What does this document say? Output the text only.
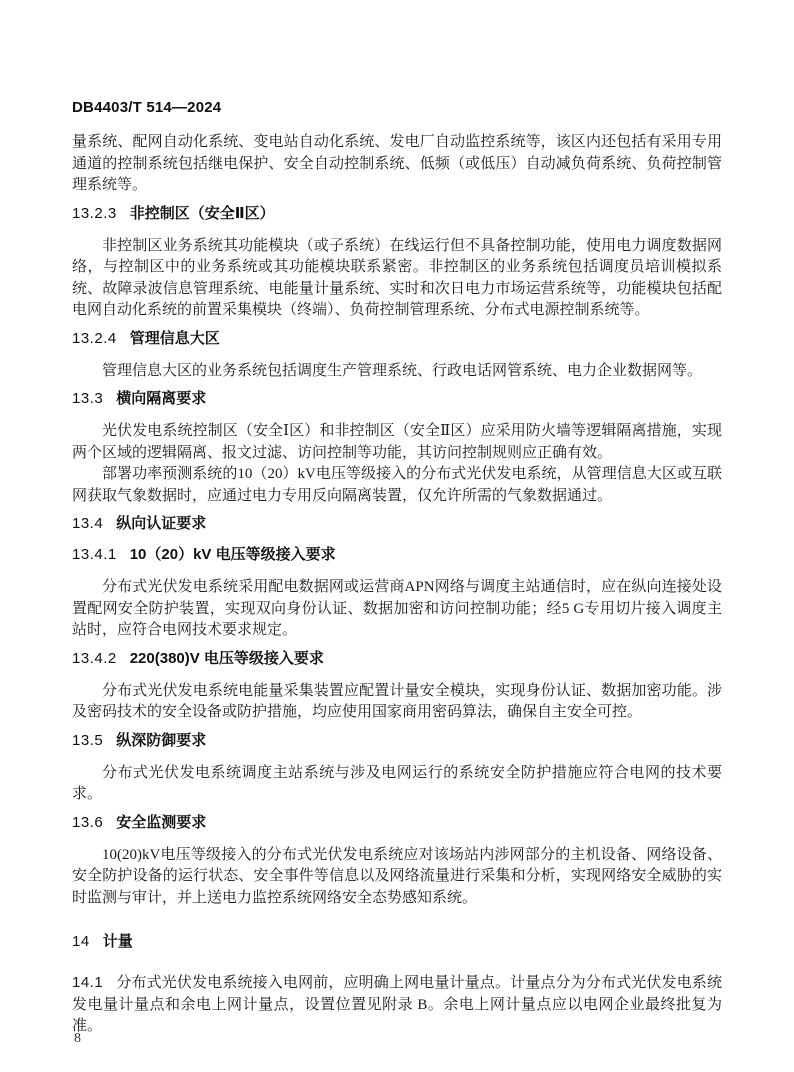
DB4403/T 514—2024

量系统、配网自动化系统、变电站自动化系统、发电厂自动监控系统等，该区内还包括有采用专用通道的控制系统包括继电保护、安全自动控制系统、低频（或低压）自动减负荷系统、负荷控制管理系统等。

13.2.3 非控制区（安全Ⅱ区）

非控制区业务系统其功能模块（或子系统）在线运行但不具备控制功能，使用电力调度数据网络，与控制区中的业务系统或其功能模块联系紧密。非控制区的业务系统包括调度员培训模拟系统、故障录波信息管理系统、电能量计量系统、实时和次日电力市场运营系统等，功能模块包括配电网自动化系统的前置采集模块（终端）、负荷控制管理系统、分布式电源控制系统等。

13.2.4 管理信息大区

管理信息大区的业务系统包括调度生产管理系统、行政电话网管系统、电力企业数据网等。

13.3 横向隔离要求

光伏发电系统控制区（安全Ⅰ区）和非控制区（安全Ⅱ区）应采用防火墙等逻辑隔离措施，实现两个区域的逻辑隔离、报文过滤、访问控制等功能，其访问控制规则应正确有效。

部署功率预测系统的10（20）kV电压等级接入的分布式光伏发电系统，从管理信息大区或互联网获取气象数据时，应通过电力专用反向隔离装置，仅允许所需的气象数据通过。

13.4 纵向认证要求
13.4.1 10（20）kV 电压等级接入要求

分布式光伏发电系统采用配电数据网或运营商APN网络与调度主站通信时，应在纵向连接处设置配网安全防护装置，实现双向身份认证、数据加密和访问控制功能；经5 G专用切片接入调度主站时，应符合电网技术要求规定。

13.4.2 220(380)V 电压等级接入要求

分布式光伏发电系统电能量采集装置应配置计量安全模块，实现身份认证、数据加密功能。涉及密码技术的安全设备或防护措施，均应使用国家商用密码算法，确保自主安全可控。

13.5 纵深防御要求

分布式光伏发电系统调度主站系统与涉及电网运行的系统安全防护措施应符合电网的技术要求。

13.6 安全监测要求

10(20)kV电压等级接入的分布式光伏发电系统应对该场站内涉网部分的主机设备、网络设备、安全防护设备的运行状态、安全事件等信息以及网络流量进行采集和分析，实现网络安全威胁的实时监测与审计，并上送电力监控系统网络安全态势感知系统。

14 计量

14.1 分布式光伏发电系统接入电网前，应明确上网电量计量点。计量点分为分布式光伏发电系统发电量计量点和余电上网计量点，设置位置见附录 B。余电上网计量点应以电网企业最终批复为准。

8
